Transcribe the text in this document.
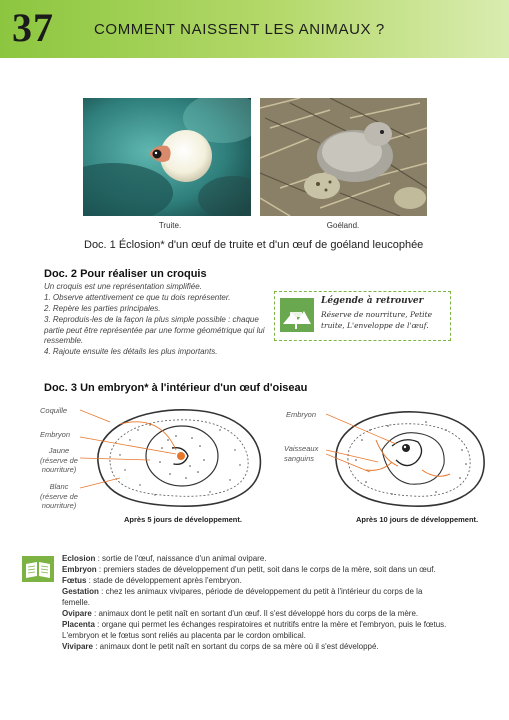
37	COMMENT NAISSENT LES ANIMAUX ?
Truite.	Goéland.
Doc. 1 Éclosion* d'un œuf de truite et d'un œuf de goéland leucophée
Doc. 2 Pour réaliser un croquis
Un croquis est une représentation simplifiée.
1. Observe attentivement ce que tu dois représenter.
2. Repère les parties principales.
3. Reproduis-les de la façon la plus simple possible : chaque partie peut être représentée par une forme géométrique qui lui ressemble.
4. Rajoute ensuite les détails les plus importants.
Légende à retrouver
Réserve de nourriture, Petite truite, L'enveloppe de l'œuf.
Doc. 3 Un embryon* à l'intérieur d'un œuf d'oiseau
Coquille
Embryon
Jaune (réserve de nourriture)
Blanc (réserve de nourriture)
Après 5 jours de développement.
Embryon
Vaisseaux sanguins
Après 10 jours de développement.
Eclosion : sortie de l'œuf, naissance d'un animal ovipare.
Embryon : premiers stades de développement d'un petit, soit dans le corps de la mère, soit dans un œuf.
Fœtus : stade de développement après l'embryon.
Gestation : chez les animaux vivipares, période de développement du petit à l'intérieur du corps de la
femelle.
Ovipare : animaux dont le petit naît en sortant d'un œuf. Il s'est développé hors du corps de la mère.
Placenta : organe qui permet les échanges respiratoires et nutritifs entre la mère et l'embryon, puis le fœtus.
L'embryon et le fœtus sont reliés au placenta par le cordon ombilical.
Vivipare : animaux dont le petit naît en sortant du corps de sa mère où il s'est développé.
